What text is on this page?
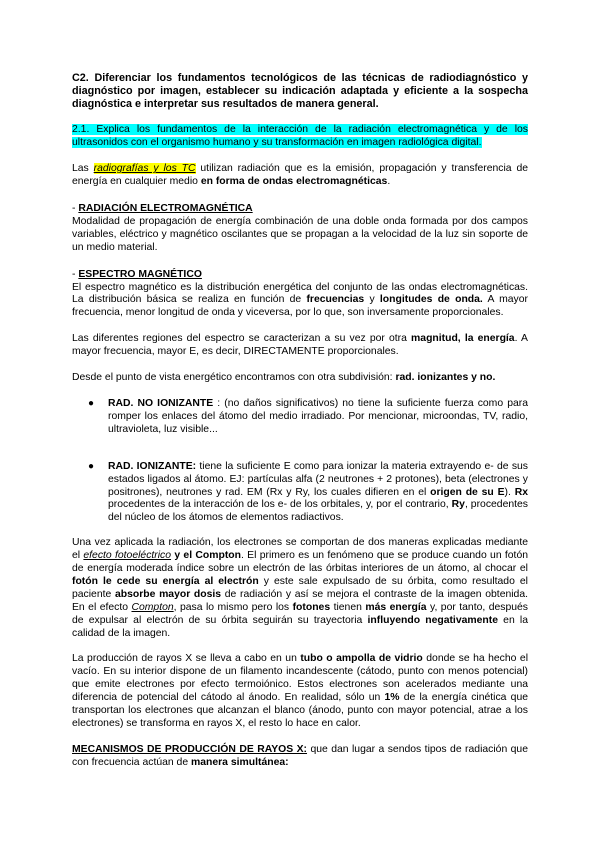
C2. Diferenciar los fundamentos tecnológicos de las técnicas de radiodiagnóstico y diagnóstico por imagen, establecer su indicación adaptada y eficiente a la sospecha diagnóstica e interpretar sus resultados de manera general.

2.1. Explica los fundamentos de la interacción de la radiación electromagnética y de los ultrasonidos con el organismo humano y su transformación en imagen radiológica digital.

Las radiografías y los TC utilizan radiación que es la emisión, propagación y transferencia de energía en cualquier medio en forma de ondas electromagnéticas.

- RADIACIÓN ELECTROMAGNÉTICA

Modalidad de propagación de energía combinación de una doble onda formada por dos campos variables, eléctrico y magnético oscilantes que se propagan a la velocidad de la luz sin soporte de un medio material.

- ESPECTRO MAGNÉTICO

El espectro magnético es la distribución energética del conjunto de las ondas electromagnéticas. La distribución básica se realiza en función de frecuencias y longitudes de onda. A mayor frecuencia, menor longitud de onda y viceversa, por lo que, son inversamente proporcionales.

Las diferentes regiones del espectro se caracterizan a su vez por otra magnitud, la energía. A mayor frecuencia, mayor E, es decir, DIRECTAMENTE proporcionales.

Desde el punto de vista energético encontramos con otra subdivisión: rad. ionizantes y no.

● RAD. NO IONIZANTE : (no daños significativos) no tiene la suficiente fuerza como para romper los enlaces del átomo del medio irradiado. Por mencionar, microondas, TV, radio, ultravioleta, luz visible...
● RAD. IONIZANTE: tiene la suficiente E como para ionizar la materia extrayendo e- de sus estados ligados al átomo. EJ: partículas alfa (2 neutrones + 2 protones), beta (electrones y positrones), neutrones y rad. EM (Rx y Ry, los cuales difieren en el origen de su E). Rx procedentes de la interacción de los e- de los orbitales, y, por el contrario, Ry, procedentes del núcleo de los átomos de elementos radiactivos.

Una vez aplicada la radiación, los electrones se comportan de dos maneras explicadas mediante el efecto fotoeléctrico y el Compton. El primero es un fenómeno que se produce cuando un fotón de energía moderada índice sobre un electrón de las órbitas interiores de un átomo, al chocar el fotón le cede su energía al electrón y este sale expulsado de su órbita, como resultado el paciente absorbe mayor dosis de radiación y así se mejora el contraste de la imagen obtenida. En el efecto Compton, pasa lo mismo pero los fotones tienen más energía y, por tanto, después de expulsar al electrón de su órbita seguirán su trayectoria influyendo negativamente en la calidad de la imagen.

La producción de rayos X se lleva a cabo en un tubo o ampolla de vidrio donde se ha hecho el vacío. En su interior dispone de un filamento incandescente (cátodo, punto con menos potencial) que emite electrones por efecto termoiónico. Estos electrones son acelerados mediante una diferencia de potencial del cátodo al ánodo. En realidad, sólo un 1% de la energía cinética que transportan los electrones que alcanzan el blanco (ánodo, punto con mayor potencial, atrae a los electrones) se transforma en rayos X, el resto lo hace en calor.

MECANISMOS DE PRODUCCIÓN DE RAYOS X: que dan lugar a sendos tipos de radiación que con frecuencia actúan de manera simultánea:
